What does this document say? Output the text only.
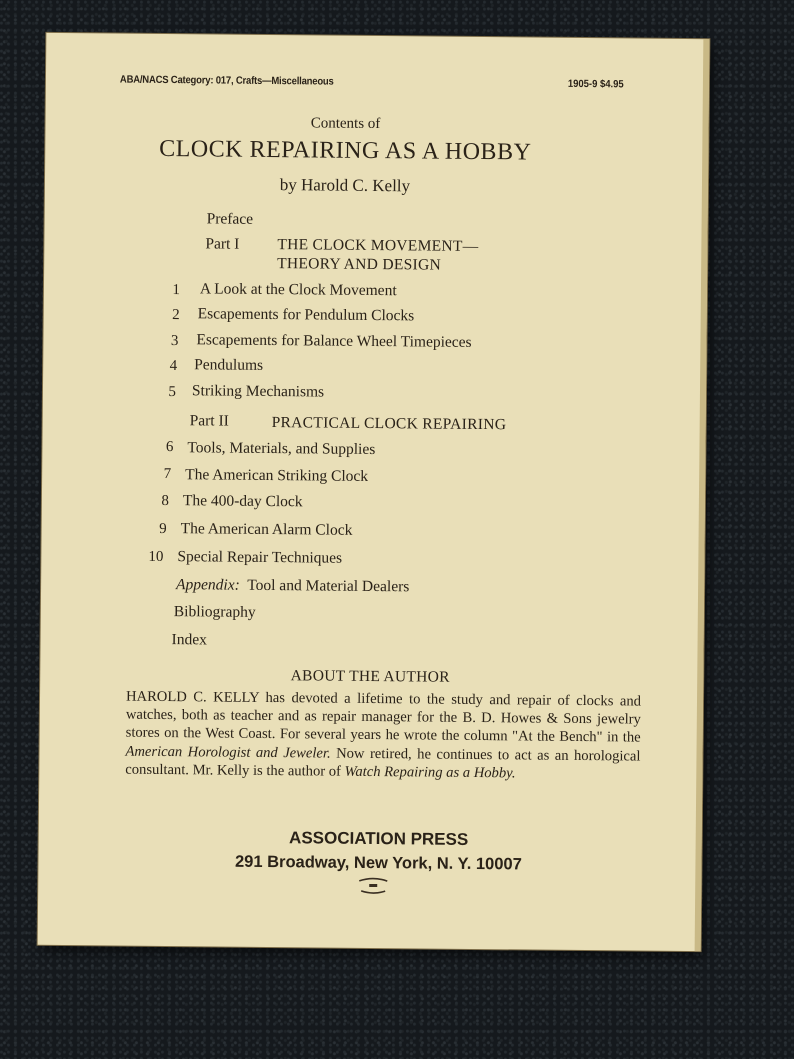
ABA/NACS Category: 017, Crafts—Miscellaneous	1905-9 $4.95
Contents of
CLOCK REPAIRING AS A HOBBY
by Harold C. Kelly
Preface
Part I THE CLOCK MOVEMENT—
THEORY AND DESIGN
1 A Look at the Clock Movement
2 Escapements for Pendulum Clocks
3 Escapements for Balance Wheel Timepieces
4 Pendulums
5 Striking Mechanisms
Part II	PRACTICAL CLOCK REPAIRING
6 Tools, Materials, and Supplies
7 The American Striking Clock
8 The 400-day Clock
9 The American Alarm Clock
10 Special Repair Techniques
Appendix: Tool and Material Dealers
Bibliography
Index
ABOUT THE AUTHOR

HAROLD C. KELLY has devoted a lifetime to the study and repair of clocks and watches, both as teacher and as repair manager for the B. D. Howes & Sons jewelry stores on the West Coast. For several years he wrote the column "At the Bench" in the American Horologist and Jeweler. Now retired, he continues to act as an horological consultant. Mr. Kelly is the author of Watch Repairing as a Hobby.

ASSOCIATION PRESS
291 Broadway, New York, N. Y. 10007
